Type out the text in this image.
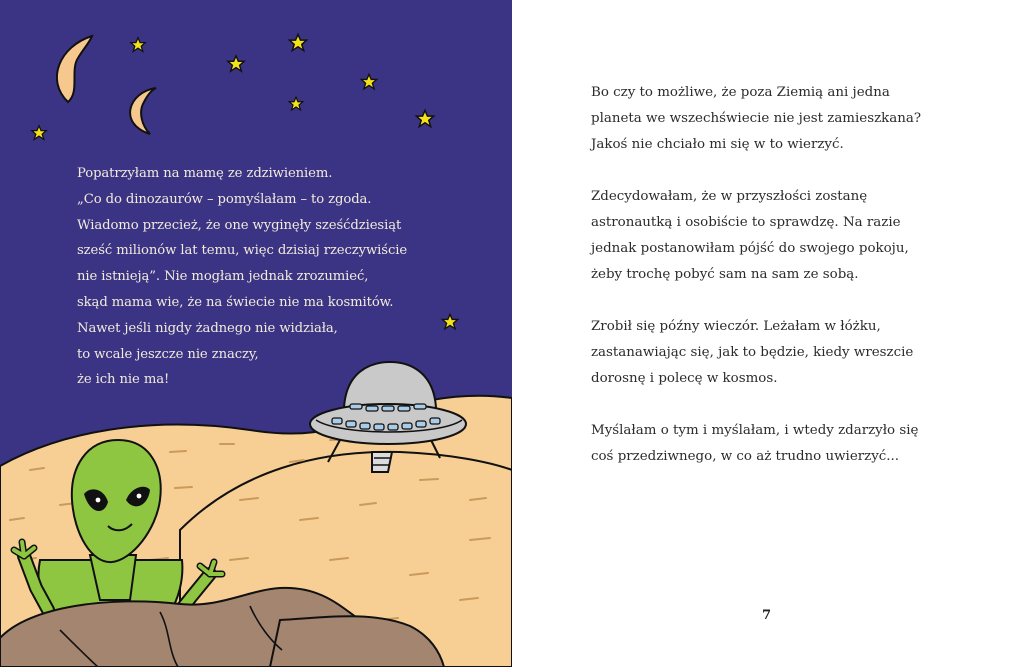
Popatrzyłam na mamę ze zdziwieniem.
„Co do dinozaurów – pomyślałam – to zgoda.
Wiadomo przecież, że one wyginęły sześćdziesiąt
sześć milionów lat temu, więc dzisiaj rzeczywiście
nie istnieją”. Nie mogłam jednak zrozumieć,
skąd mama wie, że na świecie nie ma kosmitów.
Nawet jeśli nigdy żadnego nie widziała,
to wcale jeszcze nie znaczy,
że ich nie ma!
Bo czy to możliwe, że poza Ziemią ani jedna
planeta we wszechświecie nie jest zamieszkana?
Jakoś nie chciało mi się w to wierzyć.
Zdecydowałam, że w przyszłości zostanę
astronautką i osobiście to sprawdzę. Na razie
jednak postanowiłam pójść do swojego pokoju,
żeby trochę pobyć sam na sam ze sobą.
Zrobił się późny wieczór. Leżałam w łóżku,
zastanawiając się, jak to będzie, kiedy wreszcie
dorosnę i polecę w kosmos.
Myślałam o tym i myślałam, i wtedy zdarzyło się
coś przedziwnego, w co aż trudno uwierzyć...
7
